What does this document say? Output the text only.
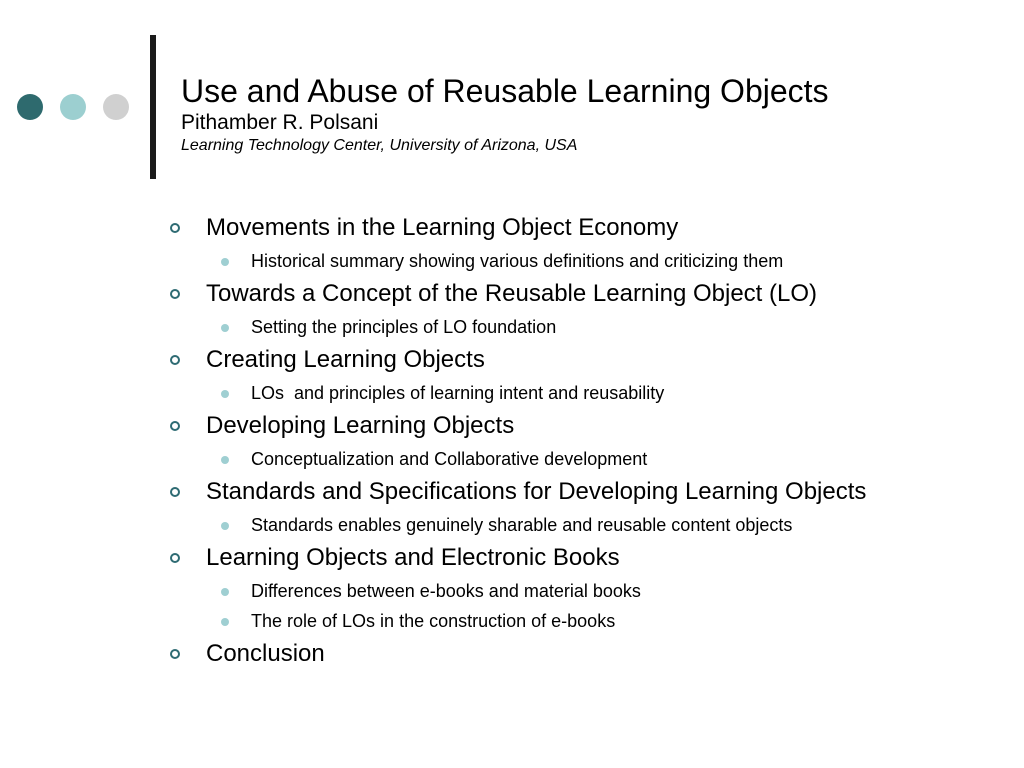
Use and Abuse of Reusable Learning Objects

Pithamber R. Polsani

Learning Technology Center, University of Arizona, USA

Movements in the Learning Object Economy
Historical summary showing various definitions and criticizing them
Towards a Concept of the Reusable Learning Object (LO)
Setting the principles of LO foundation
Creating Learning Objects
LOs  and principles of learning intent and reusability
Developing Learning Objects
Conceptualization and Collaborative development
Standards and Specifications for Developing Learning Objects
Standards enables genuinely sharable and reusable content objects
Learning Objects and Electronic Books
Differences between e-books and material books
The role of LOs in the construction of e-books
Conclusion
